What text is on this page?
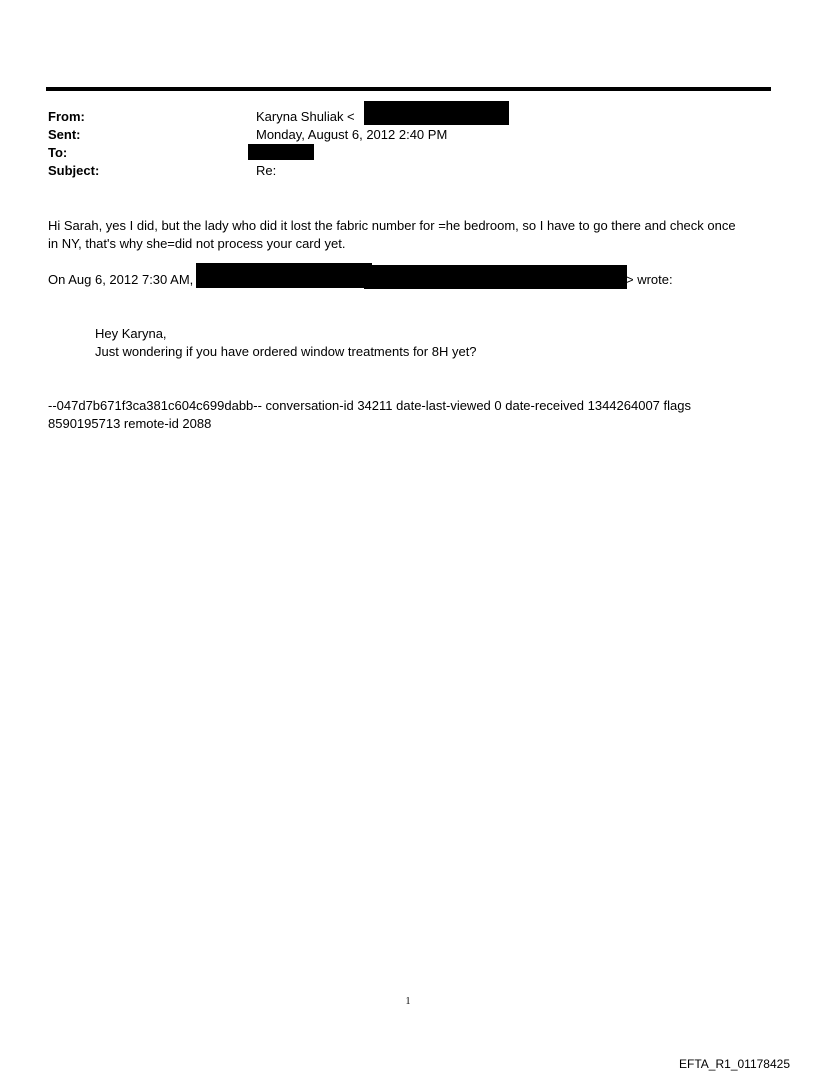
From:	Karyna Shuliak <
Sent:	Monday, August 6, 2012 2:40 PM
To:
Subject:	Re:
Hi Sarah, yes I did, but the lady who did it lost the fabric number for =he bedroom, so I have to go there and check once
in NY, that's why she=did not process your card yet.
On Aug 6, 2012 7:30 AM,	> wrote:
Hey Karyna,
Just wondering if you have ordered window treatments for 8H yet?
--047d7b671f3ca381c604c699dabb-- conversation-id 34211 date-last-viewed 0 date-received 1344264007 flags
8590195713 remote-id 2088
1
EFTA_R1_01178425
